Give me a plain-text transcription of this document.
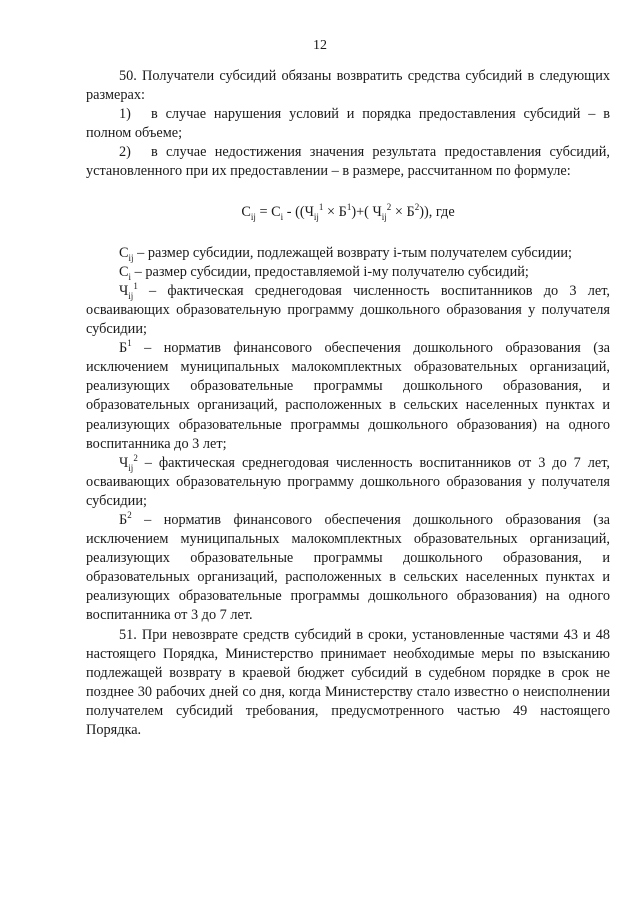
12

50. Получатели субсидий обязаны возвратить средства субсидий в следующих размерах:

1) в случае нарушения условий и порядка предоставления субсидий – в полном объеме;

2) в случае недостижения значения результата предоставления субсидий, установленного при их предоставлении – в размере, рассчитанном по формуле:

$C_{ij} = C_i - ((Ч_{ij}^1 \times Б^1)+$( $Ч_{ij}^2 \times Б^2$)), где

$C_{ij}$ – размер субсидии, подлежащей возврату i-тым получателем субсидии;

$C_i$ – размер субсидии, предоставляемой i-му получателю субсидий;

$Ч_{ij}^1$ – фактическая среднегодовая численность воспитанников до 3 лет, осваивающих образовательную программу дошкольного образования у получателя субсидии;

$Б^1$ – норматив финансового обеспечения дошкольного образования (за исключением муниципальных малокомплектных образовательных организаций, реализующих образовательные программы дошкольного образования, и образовательных организаций, расположенных в сельских населенных пунктах и реализующих образовательные программы дошкольного образования) на одного воспитанника до 3 лет;

$Ч_{ij}^2$ – фактическая среднегодовая численность воспитанников от 3 до 7 лет, осваивающих образовательную программу дошкольного образования у получателя субсидии;

$Б^2$ – норматив финансового обеспечения дошкольного образования (за исключением муниципальных малокомплектных образовательных организаций, реализующих образовательные программы дошкольного образования, и образовательных организаций, расположенных в сельских населенных пунктах и реализующих образовательные программы дошкольного образования) на одного воспитанника от 3 до 7 лет.

51. При невозврате средств субсидий в сроки, установленные частями 43 и 48 настоящего Порядка, Министерство принимает необходимые меры по взысканию подлежащей возврату в краевой бюджет субсидий в судебном порядке в срок не позднее 30 рабочих дней со дня, когда Министерству стало известно о неисполнении получателем субсидий требования, предусмотренного частью 49 настоящего Порядка.
